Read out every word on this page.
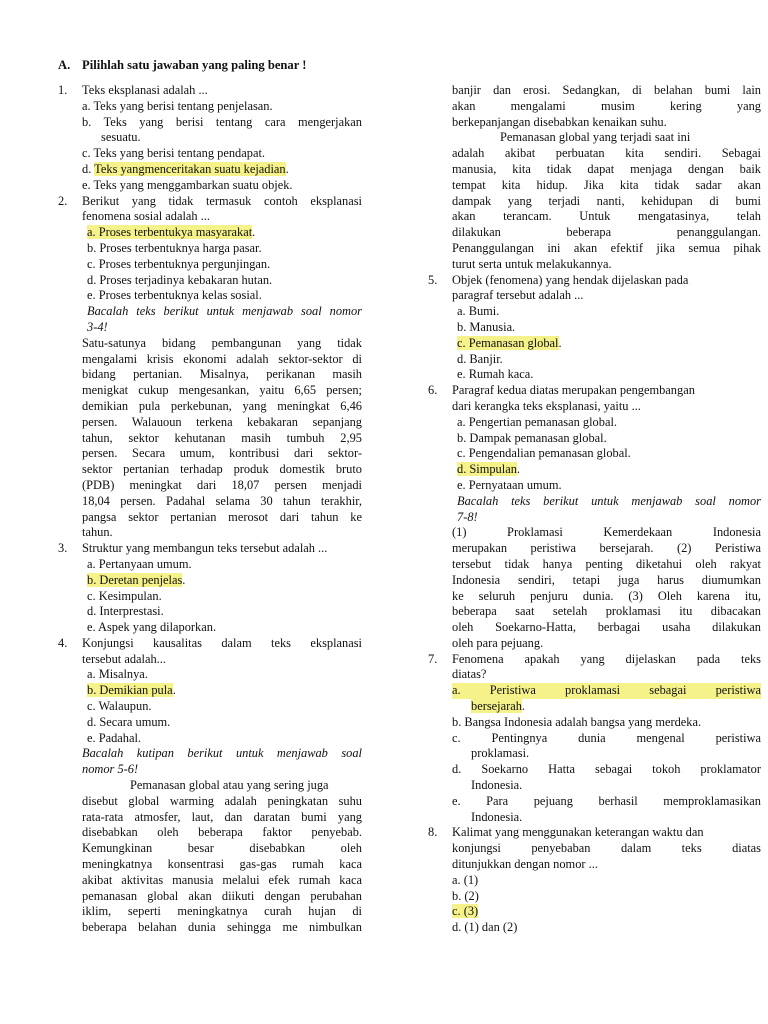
A. Pilihlah satu jawaban yang paling benar !
1. Teks eksplanasi adalah ...
a. Teks yang berisi tentang penjelasan.
b. Teks yang berisi tentang cara mengerjakan
sesuatu.
c. Teks yang berisi tentang pendapat.
d. Teks yangmenceritakan suatu kejadian.
e. Teks yang menggambarkan suatu objek.
2. Berikut yang tidak termasuk contoh eksplanasi
fenomena sosial adalah ...
a. Proses terbentukya masyarakat.
b. Proses terbentuknya harga pasar.
c. Proses terbentuknya pergunjingan.
d. Proses terjadinya kebakaran hutan.
e. Proses terbentuknya kelas sosial.
Bacalah teks berikut untuk menjawab soal nomor
3-4!
Satu-satunya bidang pembangunan yang tidak
mengalami krisis ekonomi adalah sektor-sektor di
bidang pertanian. Misalnya, perikanan masih
menigkat cukup mengesankan, yaitu 6,65 persen;
demikian pula perkebunan, yang meningkat 6,46
persen. Walauoun terkena kebakaran sepanjang
tahun, sektor kehutanan masih tumbuh 2,95
persen. Secara umum, kontribusi dari sektor-
sektor pertanian terhadap produk domestik bruto
(PDB) meningkat dari 18,07 persen menjadi
18,04 persen. Padahal selama 30 tahun terakhir,
pangsa sektor pertanian merosot dari tahun ke
tahun.
3. Struktur yang membangun teks tersebut adalah ...
a. Pertanyaan umum.
b. Deretan penjelas.
c. Kesimpulan.
d. Interprestasi.
e. Aspek yang dilaporkan.
4. Konjungsi kausalitas dalam teks eksplanasi
tersebut adalah...
a. Misalnya.
b. Demikian pula.
c. Walaupun.
d. Secara umum.
e. Padahal.
Bacalah kutipan berikut untuk menjawab soal
nomor 5-6!
Pemanasan global atau yang sering juga
disebut global warming adalah peningkatan suhu
rata-rata atmosfer, laut, dan daratan bumi yang
disebabkan oleh beberapa faktor penyebab.
Kemungkinan besar disebabkan oleh
meningkatnya konsentrasi gas-gas rumah kaca
akibat aktivitas manusia melalui efek rumah kaca
pemanasan global akan diikuti dengan perubahan
iklim, seperti meningkatnya curah hujan di
beberapa belahan dunia sehingga me nimbulkan
banjir dan erosi. Sedangkan, di belahan bumi lain
akan mengalami musim kering yang
berkepanjangan disebabkan kenaikan suhu.
Pemanasan global yang terjadi saat ini
adalah akibat perbuatan kita sendiri. Sebagai
manusia, kita tidak dapat menjaga dengan baik
tempat kita hidup. Jika kita tidak sadar akan
dampak yang terjadi nanti, kehidupan di bumi
akan terancam. Untuk mengatasinya, telah
dilakukan beberapa penanggulangan.
Penanggulangan ini akan efektif jika semua pihak
turut serta untuk melakukannya.
5. Objek (fenomena) yang hendak dijelaskan pada
paragraf tersebut adalah ...
a. Bumi.
b. Manusia.
c. Pemanasan global.
d. Banjir.
e. Rumah kaca.
6. Paragraf kedua diatas merupakan pengembangan
dari kerangka teks eksplanasi, yaitu ...
a. Pengertian pemanasan global.
b. Dampak pemanasan global.
c. Pengendalian pemanasan global.
d. Simpulan.
e. Pernyataan umum.
Bacalah teks berikut untuk menjawab soal nomor
7-8!
(1) Proklamasi Kemerdekaan Indonesia
merupakan peristiwa bersejarah. (2) Peristiwa
tersebut tidak hanya penting diketahui oleh rakyat
Indonesia sendiri, tetapi juga harus diumumkan
ke seluruh penjuru dunia. (3) Oleh karena itu,
beberapa saat setelah proklamasi itu dibacakan
oleh Soekarno-Hatta, berbagai usaha dilakukan
oleh para pejuang.
7. Fenomena apakah yang dijelaskan pada teks
diatas?
a. Peristiwa proklamasi sebagai peristiwa
bersejarah.
b. Bangsa Indonesia adalah bangsa yang merdeka.
c. Pentingnya dunia mengenal peristiwa
proklamasi.
d. Soekarno Hatta sebagai tokoh proklamator
Indonesia.
e. Para pejuang berhasil memproklamasikan
Indonesia.
8. Kalimat yang menggunakan keterangan waktu dan
konjungsi penyebaban dalam teks diatas
ditunjukkan dengan nomor ...
a. (1)
b. (2)
c. (3)
d. (1) dan (2)
